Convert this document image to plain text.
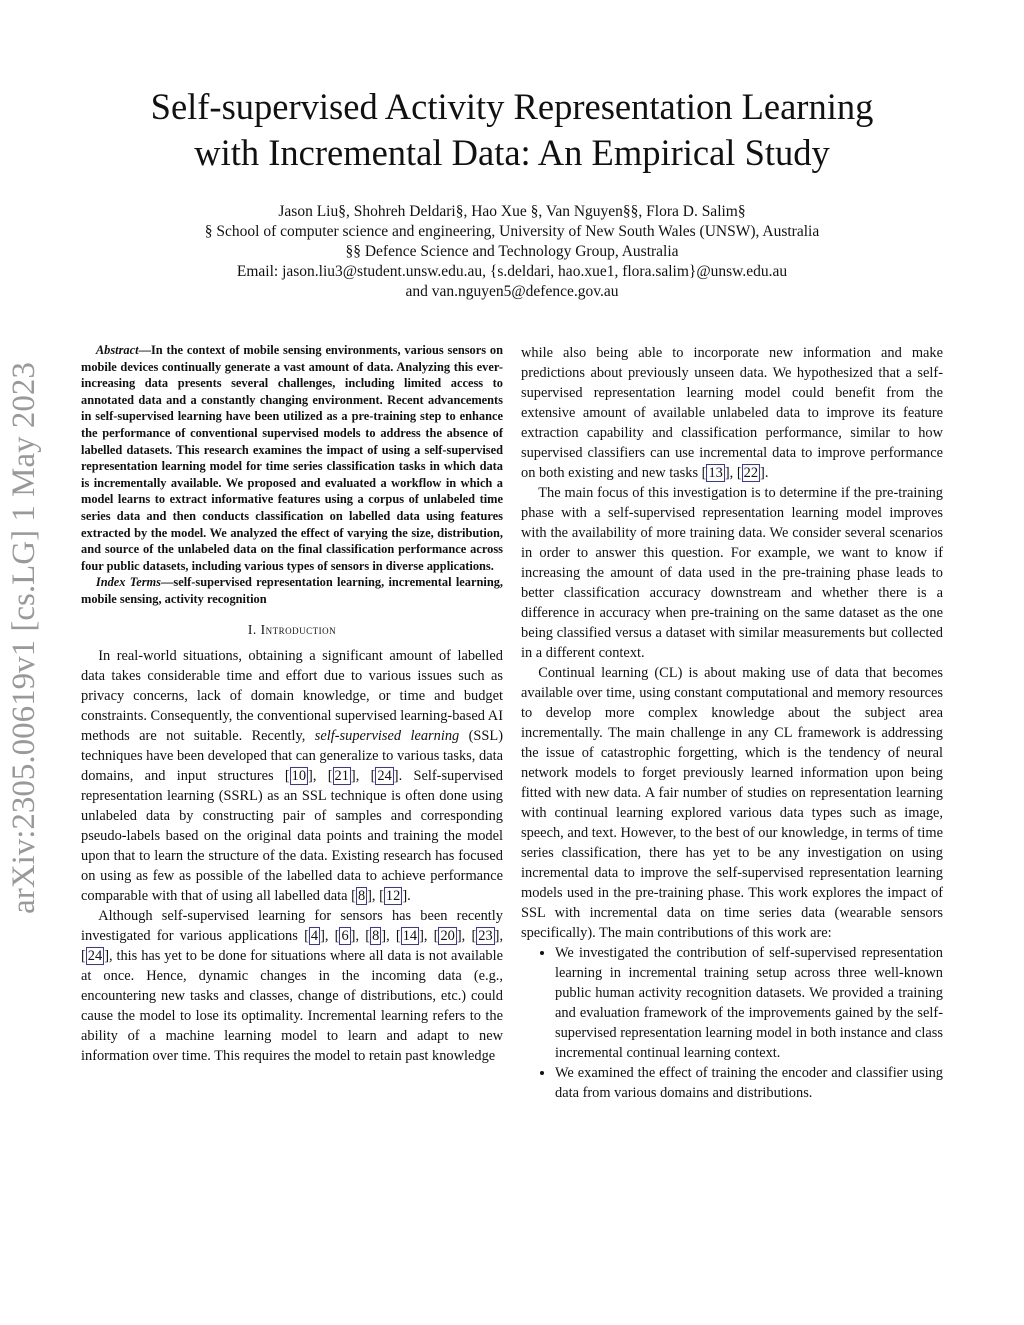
arXiv:2305.00619v1 [cs.LG] 1 May 2023
Self-supervised Activity Representation Learning
with Incremental Data: An Empirical Study
Jason Liu§, Shohreh Deldari§, Hao Xue §, Van Nguyen§§, Flora D. Salim§
§ School of computer science and engineering, University of New South Wales (UNSW), Australia
§§ Defence Science and Technology Group, Australia
Email: jason.liu3@student.unsw.edu.au, {s.deldari, hao.xue1, flora.salim}@unsw.edu.au
and van.nguyen5@defence.gov.au

Abstract—In the context of mobile sensing environments, various sensors on mobile devices continually generate a vast amount of data. Analyzing this ever-increasing data presents several challenges, including limited access to annotated data and a constantly changing environment. Recent advancements in self-supervised learning have been utilized as a pre-training step to enhance the performance of conventional supervised models to address the absence of labelled datasets. This research examines the impact of using a self-supervised representation learning model for time series classification tasks in which data is incrementally available. We proposed and evaluated a workflow in which a model learns to extract informative features using a corpus of unlabeled time series data and then conducts classification on labelled data using features extracted by the model. We analyzed the effect of varying the size, distribution, and source of the unlabeled data on the final classification performance across four public datasets, including various types of sensors in diverse applications.

Index Terms—self-supervised representation learning, incremental learning, mobile sensing, activity recognition

I. Introduction

In real-world situations, obtaining a significant amount of labelled data takes considerable time and effort due to various issues such as privacy concerns, lack of domain knowledge, or time and budget constraints. Consequently, the conventional supervised learning-based AI methods are not suitable. Recently, self-supervised learning (SSL) techniques have been developed that can generalize to various tasks, data domains, and input structures [ 10 ], [ 21 ], [ 24 ]. Self-supervised representation learning (SSRL) as an SSL technique is often done using unlabeled data by constructing pair of samples and corresponding pseudo-labels based on the original data points and training the model upon that to learn the structure of the data. Existing research has focused on using as few as possible of the labelled data to achieve performance comparable with that of using all labelled data [ 8 ], [ 12 ].

Although self-supervised learning for sensors has been recently investigated for various applications [ 4 ], [ 6 ], [ 8 ], [ 14 ], [ 20 ], [ 23 ], [ 24 ], this has yet to be done for situations where all data is not available at once. Hence, dynamic changes in the incoming data (e.g., encountering new tasks and classes, change of distributions, etc.) could cause the model to lose its optimality. Incremental learning refers to the ability of a machine learning model to learn and adapt to new information over time. This requires the model to retain past knowledge

while also being able to incorporate new information and make predictions about previously unseen data. We hypothesized that a self-supervised representation learning model could benefit from the extensive amount of available unlabeled data to improve its feature extraction capability and classification performance, similar to how supervised classifiers can use incremental data to improve performance on both existing and new tasks [ 13 ], [ 22 ].

The main focus of this investigation is to determine if the pre-training phase with a self-supervised representation learning model improves with the availability of more training data. We consider several scenarios in order to answer this question. For example, we want to know if increasing the amount of data used in the pre-training phase leads to better classification accuracy downstream and whether there is a difference in accuracy when pre-training on the same dataset as the one being classified versus a dataset with similar measurements but collected in a different context.

Continual learning (CL) is about making use of data that becomes available over time, using constant computational and memory resources to develop more complex knowledge about the subject area incrementally. The main challenge in any CL framework is addressing the issue of catastrophic forgetting, which is the tendency of neural network models to forget previously learned information upon being fitted with new data. A fair number of studies on representation learning with continual learning explored various data types such as image, speech, and text. However, to the best of our knowledge, in terms of time series classification, there has yet to be any investigation on using incremental data to improve the self-supervised representation learning models used in the pre-training phase. This work explores the impact of SSL with incremental data on time series data (wearable sensors specifically). The main contributions of this work are:

• We investigated the contribution of self-supervised representation learning in incremental training setup across three well-known public human activity recognition datasets. We provided a training and evaluation framework of the improvements gained by the self-supervised representation learning model in both instance and class incremental continual learning context.
• We examined the effect of training the encoder and classifier using data from various domains and distributions.
